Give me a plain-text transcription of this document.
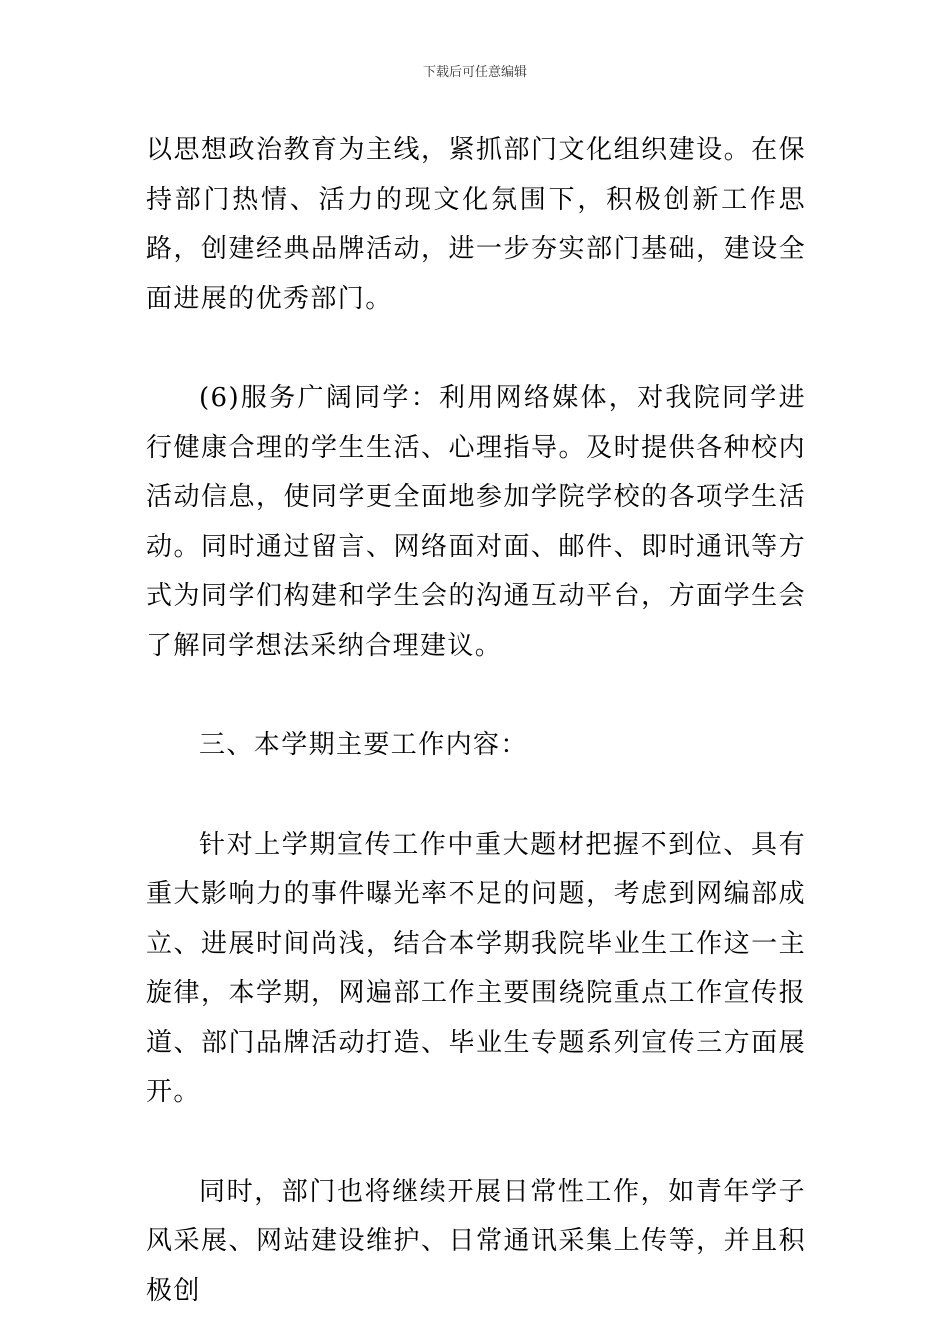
下载后可任意编辑

以思想政治教育为主线，紧抓部门文化组织建设。在保持部门热情、活力的现文化氛围下，积极创新工作思路，创建经典品牌活动，进一步夯实部门基础，建设全面进展的优秀部门。

(6)服务广阔同学：利用网络媒体，对我院同学进行健康合理的学生生活、心理指导。及时提供各种校内活动信息，使同学更全面地参加学院学校的各项学生活动。同时通过留言、网络面对面、邮件、即时通讯等方式为同学们构建和学生会的沟通互动平台，方面学生会了解同学想法采纳合理建议。

三、本学期主要工作内容：

针对上学期宣传工作中重大题材把握不到位、具有重大影响力的事件曝光率不足的问题，考虑到网编部成立、进展时间尚浅，结合本学期我院毕业生工作这一主旋律，本学期，网遍部工作主要围绕院重点工作宣传报道、部门品牌活动打造、毕业生专题系列宣传三方面展开。

同时，部门也将继续开展日常性工作，如青年学子风采展、网站建设维护、日常通讯采集上传等，并且积极创
